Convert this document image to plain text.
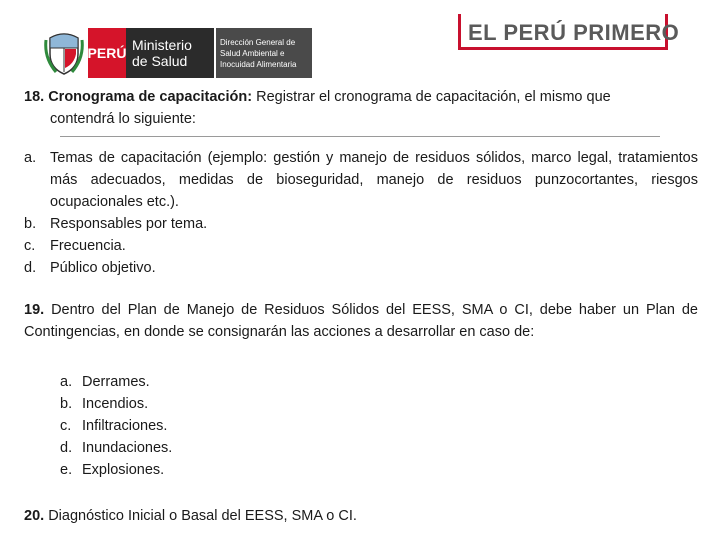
PERÚ Ministerio
de Salud
Dirección General de
Salud Ambiental e
Inocuidad Alimentaria
EL PERÚ PRIMERO
18. Cronograma de capacitación: Registrar el cronograma de capacitación, el mismo que
contendrá lo siguiente:
a. Temas de capacitación (ejemplo: gestión y manejo de residuos sólidos, marco legal, tratamientos más adecuados, medidas de bioseguridad, manejo de residuos punzocortantes, riesgos ocupacionales etc.).
b. Responsables por tema.
c.	Frecuencia.
d. Público objetivo.
19. Dentro del Plan de Manejo de Residuos Sólidos del EESS, SMA o CI, debe haber un Plan de Contingencias, en donde se consignarán las acciones a desarrollar en caso de:
a. Derrames.
b. Incendios.
c. Infiltraciones.
d. Inundaciones.
e. Explosiones.
20. Diagnóstico Inicial o Basal del EESS, SMA o CI.
